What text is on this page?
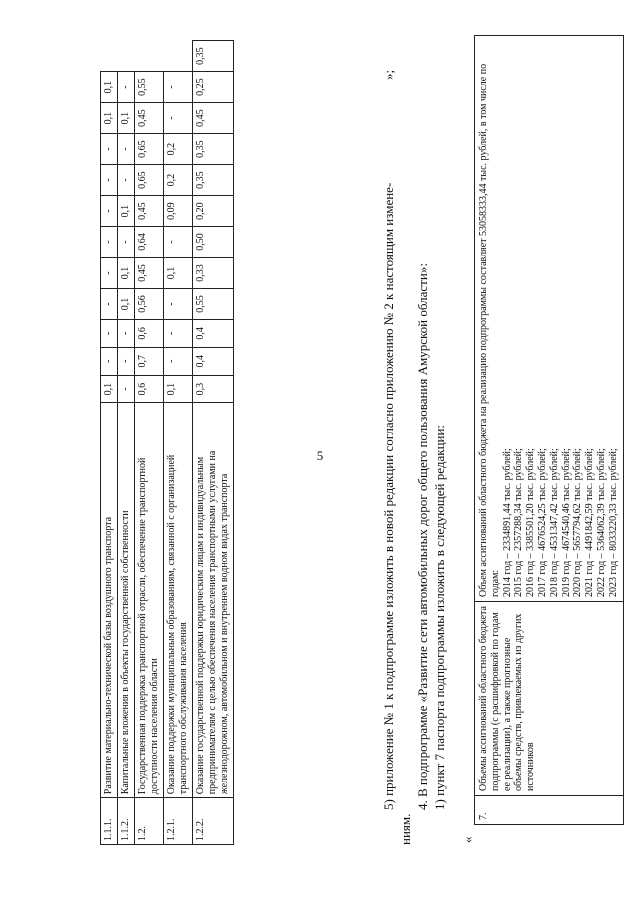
5
1.1.1.	Развитие материально-технической базы воздушного транспорта	0,1	-	-	-	-	-	-	-	-	0,1	0,1	
1.1.2.	Капитальные вложения в объекты государственной собственности	-	-	-	0,1	0,1	-	0,1	-	-	0,1	-	
1.2.	Государственная поддержка транспортной отрасли, обеспечение транспортной доступности населения области	0,6	0,7	0,6	0,56	0,45	0,64	0,45	0,65	0,65	0,45	0,55	
1.2.1.	Оказание поддержки муниципальным образованиям, связанной с организацией транспортного обслуживания населения	0,1	-	-	-	0,1	-	0,09	0,2	0,2	-	-	
1.2.2.	Оказание государственной поддержки юридическим лицам и индивидуальным предпринимателям с целью обеспечения населения транспортными услугами на железнодорожном, автомобильном и внутреннем водном видах транспорта	0,3	0,4	0,4	0,55	0,33	0,50	0,20	0,35	0,35	0,45	0,25	0,35
»;
5) приложение № 1 к подпрограмме изложить в новой редакции согласно приложению № 2 к настоящим измене-
ниям.
4. В подпрограмме «Развитие сети автомобильных дорог общего пользования Амурской области»: 1) пункт 7 паспорта подпрограммы изложить в следующей редакции:
«
7.	Объемы ассигнований областного бюджета подпрограммы (с расшифровкой по годам ее реализации), а также прогнозные объемы средств, привлекаемых из других источников	
Объем ассигнований областного бюджета на реализацию подпрограммы составляет 53058333,44 тыс. рублей, в том числе по годам: 2014 год – 2334891,44 тыс. рублей; 2015 год – 2357288,34 тыс. рублей; 2016 год – 3385501,20 тыс. рублей; 2017 год – 4676524,25 тыс. рублей; 2018 год – 4531347,42 тыс. рублей; 2019 год – 4674540,46 тыс. рублей; 2020 год – 5657794,62 тыс. рублей; 2021 год – 4491842,59 тыс. рублей; 2022 год – 5364062,39 тыс. рублей; 2023 год – 8033220,33 тыс. рублей;
